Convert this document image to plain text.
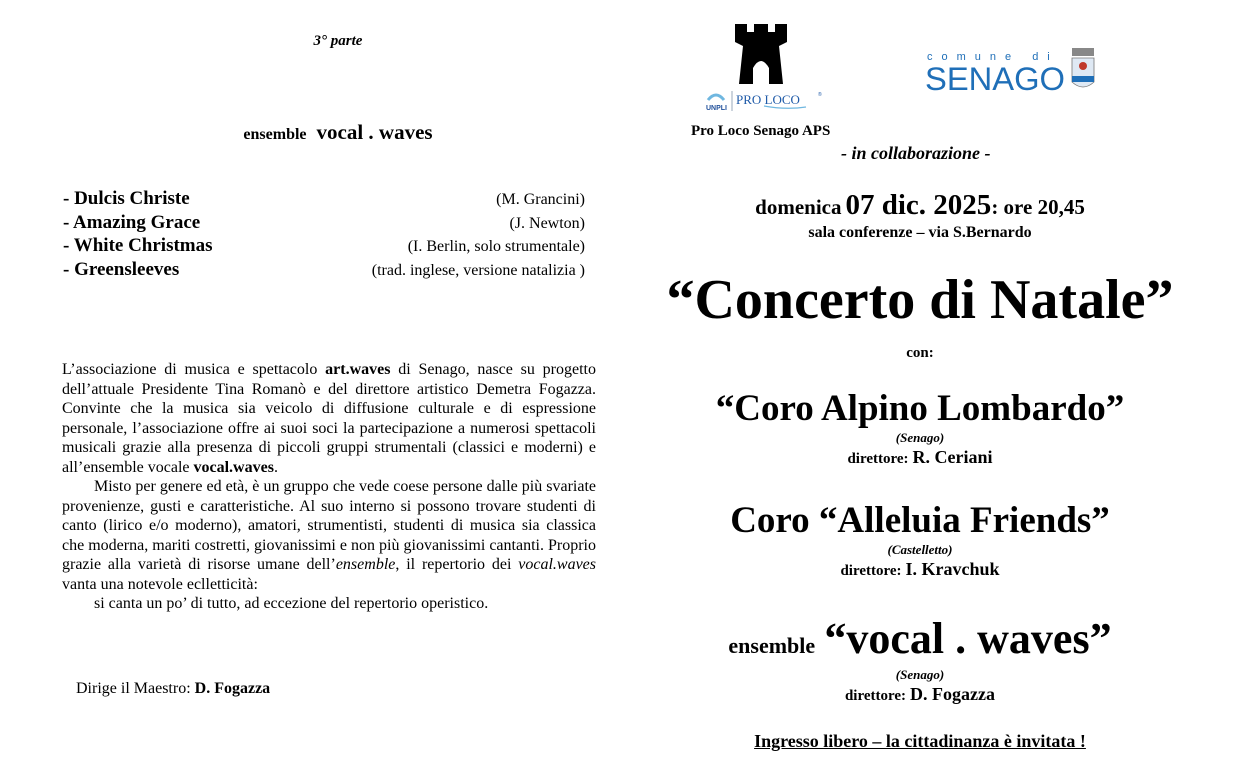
3° parte
ensemble vocal . waves
- Dulcis Christe	(M. Grancini)
- Amazing Grace	(J. Newton)
- White Christmas	(I. Berlin, solo strumentale)
- Greensleeves	(trad. inglese, versione natalizia )

L’associazione di musica e spettacolo art.waves di Senago, nasce su progetto dell’attuale Presidente Tina Romanò e del direttore artistico Demetra Fogazza. Convinte che la musica sia veicolo di diffusione culturale e di espressione personale, l’associazione offre ai suoi soci la partecipazione a numerosi spettacoli musicali grazie alla presenza di piccoli gruppi strumentali (classici e moderni) e all’ensemble vocale vocal.waves.

Misto per genere ed età, è un gruppo che vede coese persone dalle più svariate provenienze, gusti e caratteristiche. Al suo interno si possono trovare studenti di canto (lirico e/o moderno), amatori, strumentisti, studenti di musica sia classica che moderna, mariti costretti, giovanissimi e non più giovanissimi cantanti. Proprio grazie alla varietà di risorse umane dell’ensemble, il repertorio dei vocal.waves vanta una notevole eclletticità:

si canta un po’ di tutto, ad eccezione del repertorio operistico.

Dirige il Maestro: D. Fogazza
UNPLI
PRO LOCO	®
comune di
SENAGO
Pro Loco Senago APS
- in collaborazione -
domenica 07 dic. 2025: ore 20,45
sala conferenze – via S.Bernardo
“Concerto di Natale”
con:
“Coro Alpino Lombardo”
(Senago)
direttore: R. Ceriani
Coro “Alleluia Friends”
(Castelletto)
direttore: I. Kravchuk
ensemble “vocal . waves”
(Senago)
direttore: D. Fogazza
Ingresso libero – la cittadinanza è invitata !
